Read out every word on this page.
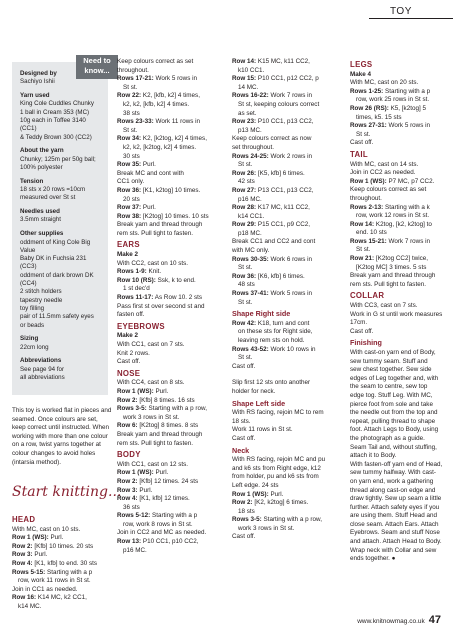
TOY

Designed by
Sachiyo Ishii

Yarn used
King Cole Cuddles Chunky
1 ball in Cream 353 (MC)
10g each in Toffee 3140 (CC1)
& Teddy Brown 300 (CC2)

About the yarn
Chunky; 125m per 50g ball;
100% polyester

Tension
18 sts x 20 rows =10cm
measured over St st

Needles used
3.5mm straight

Other supplies
oddment of King Cole Big Value
Baby DK in Fuchsia 231 (CC3)
oddment of dark brown DK
(CC4)
2 stitch holders
tapestry needle
toy filling
pair of 11.5mm safety eyes
or beads

Sizing
22cm long

Abbreviations
See page 94 for
all abbreviations

Need to
know...
This toy is worked flat in pieces and seamed. Once colours are set, keep correct until instructed. When working with more than one colour on a row, twist yarns together at colour changes to avoid holes (intarsia method).
Start knitting...
HEAD
With MC, cast on 10 sts.
Row 1 (WS): Purl.
Row 2: [Kfb] 10 times. 20 sts
Row 3: Purl.
Row 4: [K1, kfb] to end. 30 sts
Rows 5-15: Starting with a p
row, work 11 rows in St st.
Join in CC1 as needed.
Row 16: K14 MC, k2 CC1,
k14 MC.
Keep colours correct as set
throughout.
Rows 17-21: Work 5 rows in
St st.
Row 22: K2, [kfb, k2] 4 times,
k2, k2, [kfb, k2] 4 times.
38 sts
Rows 23-33: Work 11 rows in
St st.
Row 34: K2, [k2tog, k2] 4 times,
k2, k2, [k2tog, k2] 4 times.
30 sts
Row 35: Purl.
Break MC and cont with
CC1 only.
Row 36: [K1, k2tog] 10 times.
20 sts
Row 37: Purl.
Row 38: [K2tog] 10 times. 10 sts
Break yarn and thread through
rem sts. Pull tight to fasten.
EARS
Make 2
With CC2, cast on 10 sts.
Rows 1-9: Knit.
Row 10 (RS): Ssk, k to end.
1 st dec'd
Rows 11-17: As Row 10. 2 sts
Pass first st over second st and
fasten off.
EYEBROWS
Make 2
With CC1, cast on 7 sts.
Knit 2 rows.
Cast off.
NOSE
With CC4, cast on 8 sts.
Row 1 (WS): Purl.
Row 2: [Kfb] 8 times. 16 sts
Rows 3-5: Starting with a p row,
work 3 rows in St st.
Row 6: [K2tog] 8 times. 8 sts
Break yarn and thread through
rem sts. Pull tight to fasten.
BODY
With CC1, cast on 12 sts.
Row 1 (WS): Purl.
Row 2: [Kfb] 12 times. 24 sts
Row 3: Purl.
Row 4: [K1, kfb] 12 times.
36 sts
Rows 5-12: Starting with a p
row, work 8 rows in St st.
Join in CC2 and MC as needed.
Row 13: P10 CC1, p10 CC2,
p16 MC.
Row 14: K15 MC, k11 CC2,
k10 CC1.
Row 15: P10 CC1, p12 CC2, p
14 MC.
Rows 16-22: Work 7 rows in
St st, keeping colours correct
as set.
Row 23: P10 CC1, p13 CC2,
p13 MC.
Keep colours correct as now
set throughout.
Rows 24-25: Work 2 rows in
St st.
Row 26: [K5, kfb] 6 times.
42 sts
Row 27: P13 CC1, p13 CC2,
p16 MC.
Row 28: K17 MC, k11 CC2,
k14 CC1.
Row 29: P15 CC1, p9 CC2,
p18 MC.
Break CC1 and CC2 and cont
with MC only.
Rows 30-35: Work 6 rows in
St st.
Row 36: [K6, kfb] 6 times.
48 sts
Rows 37-41: Work 5 rows in
St st.
Shape Right side
Row 42: K18, turn and cont
on these sts for Right side,
leaving rem sts on hold.
Rows 43-52: Work 10 rows in
St st.
Cast off.
Slip first 12 sts onto another
holder for neck.
Shape Left side
With RS facing, rejoin MC to rem
18 sts.
Work 11 rows in St st.
Cast off.
Neck
With RS facing, rejoin MC and pu
and k6 sts from Right edge, k12
from holder, pu and k6 sts from
Left edge. 24 sts
Row 1 (WS): Purl.
Row 2: [K2, k2tog] 6 times.
18 sts
Rows 3-5: Starting with a p row,
work 3 rows in St st.
Cast off.
LEGS
Make 4
With MC, cast on 20 sts.
Rows 1-25: Starting with a p
row, work 25 rows in St st.
Row 26 (RS): K5, [k2tog] 5
times, k5. 15 sts
Rows 27-31: Work 5 rows in
St st.
Cast off.
TAIL
With MC, cast on 14 sts.
Join in CC2 as needed.
Row 1 (WS): P7 MC, p7 CC2.
Keep colours correct as set
throughout.
Rows 2-13: Starting with a k
row, work 12 rows in St st.
Row 14: K2tog, [k2, k2tog] to
end. 10 sts
Rows 15-21: Work 7 rows in
St st.
Row 21: [K2tog CC2] twice,
[K2tog MC] 3 times. 5 sts
Break yarn and thread through
rem sts. Pull tight to fasten.
COLLAR
With CC3, cast on 7 sts.
Work in G st until work measures
17cm.
Cast off.
Finishing
With cast-on yarn end of Body,
sew tummy seam. Stuff and
sew chest together. Sew side
edges of Leg together and, with
the seam to centre, sew top
edge tog. Stuff Leg. With MC,
pierce foot from sole and take
the needle out from the top and
repeat, pulling thread to shape
foot. Attach Legs to Body, using
the photograph as a guide.
Seam Tail and, without stuffing,
attach it to Body.
With fasten-off yarn end of Head,
sew tummy halfway. With cast-
on yarn end, work a gathering
thread along cast-on edge and
draw tightly. Sew up seam a little
further. Attach safety eyes if you
are using them. Stuff Head and
close seam. Attach Ears. Attach
Eyebrows. Seam and stuff Nose
and attach. Attach Head to Body.
Wrap neck with Collar and sew
ends together. ●
www.knitnowmag.co.uk 47
